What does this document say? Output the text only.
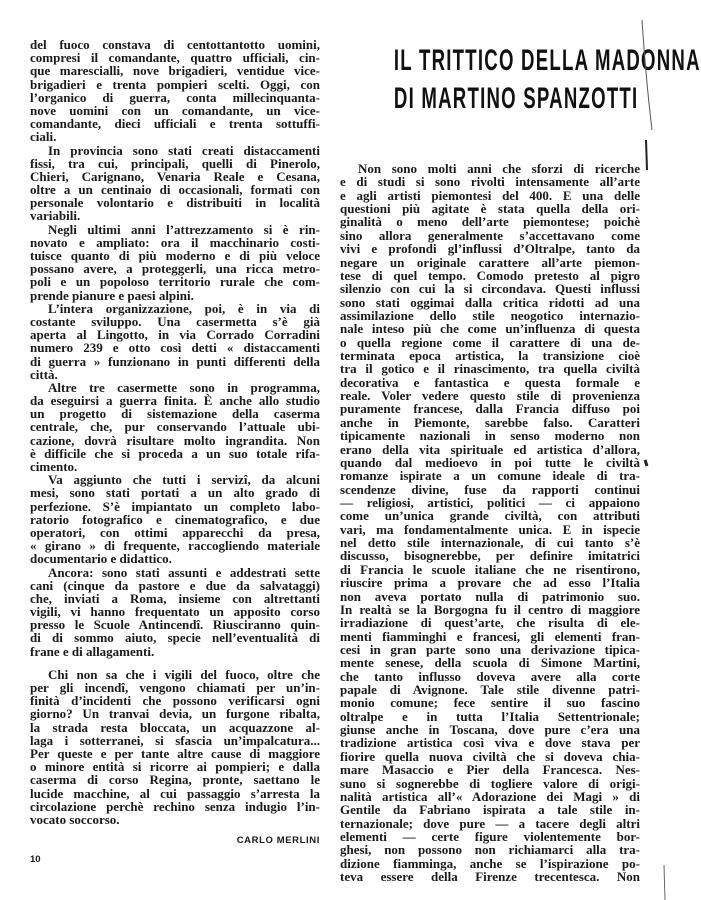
del fuoco constava di centottantotto uomini,
compresi il comandante, quattro ufficiali, cin-
que marescialli, nove brigadieri, ventidue vice-
brigadieri e trenta pompieri scelti. Oggi, con
l’organico di guerra, conta millecinquanta-
nove uomini con un comandante, un vice-
comandante, dieci ufficiali e trenta sottuffi-
ciali.
In provincia sono stati creati distaccamenti
fissi, tra cui, principali, quelli di Pinerolo,
Chieri, Carignano, Venaria Reale e Cesana,
oltre a un centinaio di occasionali, formati con
personale volontario e distribuiti in località
variabili.
Negli ultimi anni l’attrezzamento si è rin-
novato e ampliato: ora il macchinario costi-
tuisce quanto di più moderno e di più veloce
possano avere, a proteggerli, una ricca metro-
poli e un popoloso territorio rurale che com-
prende pianure e paesi alpini.
L’intera organizzazione, poi, è in via di
costante sviluppo. Una casermetta s’è già
aperta al Lingotto, in via Corrado Corradini
numero 239 e otto così detti « distaccamenti
di guerra » funzionano in punti differenti della
città.
Altre tre casermette sono in programma,
da eseguirsi a guerra finita. È anche allo studio
un progetto di sistemazione della caserma
centrale, che, pur conservando l’attuale ubi-
cazione, dovrà risultare molto ingrandita. Non
è difficile che si proceda a un suo totale rifa-
cimento.
Va aggiunto che tutti i servizî, da alcuni
mesi, sono stati portati a un alto grado di
perfezione. S’è impiantato un completo labo-
ratorio fotografico e cinematografico, e due
operatori, con ottimi apparecchi da presa,
« girano » di frequente, raccogliendo materiale
documentario e didattico.
Ancora: sono stati assunti e addestrati sette
cani (cinque da pastore e due da salvataggi)
che, inviati a Roma, insieme con altrettanti
vigili, vi hanno frequentato un apposito corso
presso le Scuole Antincendî. Riusciranno quin-
di di sommo aiuto, specie nell’eventualità di
frane e di allagamenti.
Chi non sa che i vigili del fuoco, oltre che
per gli incendî, vengono chiamati per un’in-
finità d’incidenti che possono verificarsi ogni
giorno? Un tranvai devia, un furgone ribalta,
la strada resta bloccata, un acquazzone al-
laga i sotterranei, si sfascia un’impalcatura...
Per queste e per tante altre cause di maggiore
o minore entità si ricorre ai pompieri; e dalla
caserma di corso Regina, pronte, saettano le
lucide macchine, al cui passaggio s’arresta la
circolazione perchè rechino senza indugio l’in-
vocato soccorso.
IL TRITTICO DELLA MADONNA
DI MARTINO SPANZOTTI
Non sono molti anni che sforzi di ricerche
e di studi si sono rivolti intensamente all’arte
e agli artisti piemontesi del 400. E una delle
questioni più agitate è stata quella della ori-
ginalità o meno dell’arte piemontese; poichè
sino allora generalmente s’accettavano come
vivi e profondi gl’influssi d’Oltralpe, tanto da
negare un originale carattere all’arte piemon-
tese di quel tempo. Comodo pretesto al pigro
silenzio con cui la si circondava. Questi influssi
sono stati oggimai dalla critica ridotti ad una
assimilazione dello stile neogotico internazio-
nale inteso più che come un’influenza di questa
o quella regione come il carattere di una de-
terminata epoca artistica, la transizione cioè
tra il gotico e il rinascimento, tra quella civiltà
decorativa e fantastica e questa formale e
reale. Voler vedere questo stile di provenienza
puramente francese, dalla Francia diffuso poi
anche in Piemonte, sarebbe falso. Caratteri
tipicamente nazionali in senso moderno non
erano della vita spirituale ed artistica d’allora,
quando dal medioevo in poi tutte le civiltà
romanze ispirate a un comune ideale di tra-
scendenze divine, fuse da rapporti continui
— religiosi, artistici, politici — ci appaiono
come un’unica grande civiltà, con attributi
vari, ma fondamentalmente unica. E in ispecie
nel detto stile internazionale, di cui tanto s’è
discusso, bisognerebbe, per definire imitatrici
di Francia le scuole italiane che ne risentirono,
riuscire prima a provare che ad esso l’Italia
non aveva portato nulla di patrimonio suo.
In realtà se la Borgogna fu il centro di maggiore
irradiazione di quest’arte, che risulta di ele-
menti fiamminghi e francesi, gli elementi fran-
cesi in gran parte sono una derivazione tipica-
mente senese, della scuola di Simone Martini,
che tanto influsso doveva avere alla corte
papale di Avignone. Tale stile divenne patri-
monio comune; fece sentire il suo fascino
oltralpe e in tutta l’Italia Settentrionale;
giunse anche in Toscana, dove pure c’era una
tradizione artistica così viva e dove stava per
fiorire quella nuova civiltà che si doveva chia-
mare Masaccio e Pier della Francesca. Nes-
suno si sognerebbe di togliere valore di origi-
nalità artistica all’« Adorazione dei Magi » di
Gentile da Fabriano ispirata a tale stile in-
ternazionale; dove pure — a tacere degli altri
elementi — certe figure violentemente bor-
ghesi, non possono non richiamarci alla tra-
dizione fiamminga, anche se l’ispirazione po-
teva essere della Firenze trecentesca. Non
CARLO MERLINI
10
